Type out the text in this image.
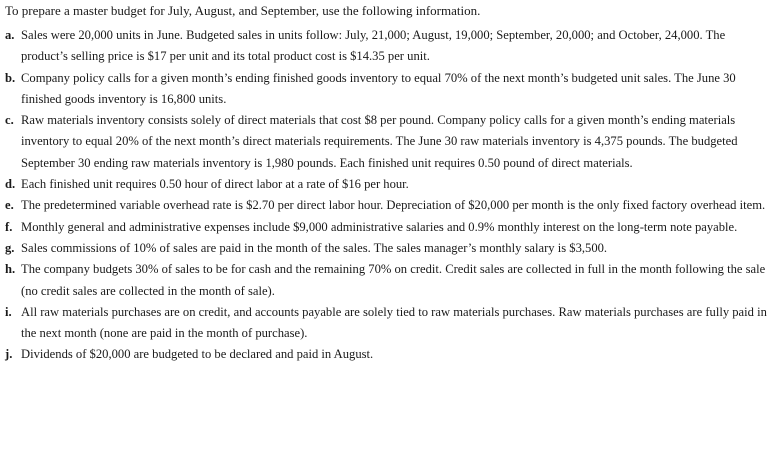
To prepare a master budget for July, August, and September, use the following information.

a. Sales were 20,000 units in June. Budgeted sales in units follow: July, 21,000; August, 19,000; September, 20,000; and October, 24,000. The product’s selling price is $17 per unit and its total product cost is $14.35 per unit.
b. Company policy calls for a given month’s ending finished goods inventory to equal 70% of the next month’s budgeted unit sales. The June 30 finished goods inventory is 16,800 units.
c. Raw materials inventory consists solely of direct materials that cost $8 per pound. Company policy calls for a given month’s ending materials inventory to equal 20% of the next month’s direct materials requirements. The June 30 raw materials inventory is 4,375 pounds. The budgeted September 30 ending raw materials inventory is 1,980 pounds. Each finished unit requires 0.50 pound of direct materials.
d. Each finished unit requires 0.50 hour of direct labor at a rate of $16 per hour.
e. The predetermined variable overhead rate is $2.70 per direct labor hour. Depreciation of $20,000 per month is the only fixed factory overhead item.
f. Monthly general and administrative expenses include $9,000 administrative salaries and 0.9% monthly interest on the long-term note payable.
g. Sales commissions of 10% of sales are paid in the month of the sales. The sales manager’s monthly salary is $3,500.
h. The company budgets 30% of sales to be for cash and the remaining 70% on credit. Credit sales are collected in full in the month following the sale (no credit sales are collected in the month of sale).
i. All raw materials purchases are on credit, and accounts payable are solely tied to raw materials purchases. Raw materials purchases are fully paid in the next month (none are paid in the month of purchase).
j. Dividends of $20,000 are budgeted to be declared and paid in August.
